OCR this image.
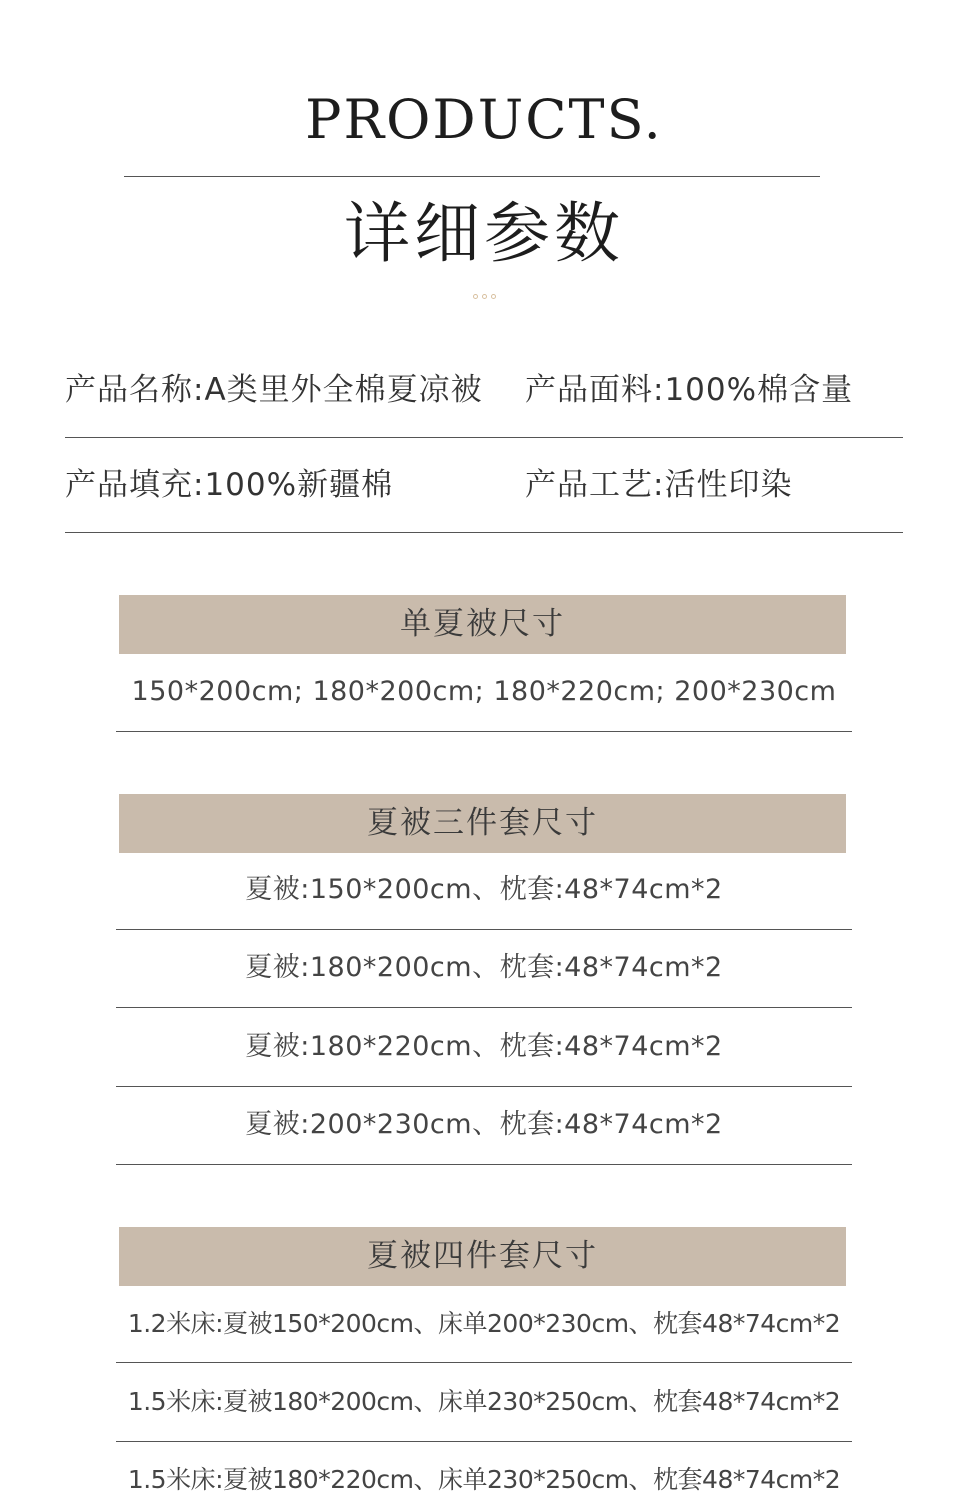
PRODUCTS.
详细参数
产品名称:A类里外全棉夏凉被 产品面料:100%棉含量
产品填充:100%新疆棉	产品工艺:活性印染
单夏被尺寸
150*200cm; 180*200cm; 180*220cm; 200*230cm
夏被三件套尺寸
夏被:150*200cm、枕套:48*74cm*2
夏被:180*200cm、枕套:48*74cm*2
夏被:180*220cm、枕套:48*74cm*2
夏被:200*230cm、枕套:48*74cm*2
夏被四件套尺寸
1.2米床:夏被150*200cm、床单200*230cm、枕套48*74cm*2
1.5米床:夏被180*200cm、床单230*250cm、枕套48*74cm*2
1.5米床:夏被180*220cm、床单230*250cm、枕套48*74cm*2
